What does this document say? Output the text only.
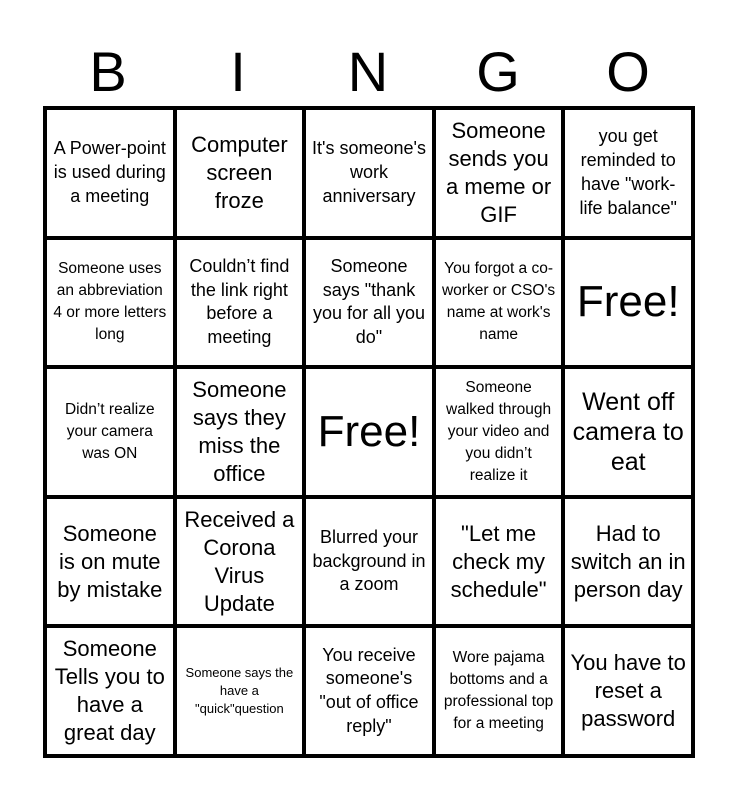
B	I	N	G	O
A Power-point is used during a meeting
Computer screen froze
It's someone's work anniversary
Someone sends you a meme or GIF
you get reminded to have "work-life balance"
Someone uses an abbreviation 4 or more letters long
Couldn’t find the link right before a meeting
Someone says "thank you for all you do"
You forgot a co-worker or CSO's name at work's name
Free!
Didn’t realize your camera was ON
Someone says they miss the office
Free!
Someone walked through your video and you didn’t realize it
Went off camera to eat
Someone is on mute by mistake
Received a Corona Virus Update
Blurred your background in a zoom
"Let me check my schedule"
Had to switch an in person day
Someone Tells you to have a great day
Someone says the have a "quick"question
You receive someone's "out of office reply"
Wore pajama bottoms and a professional top for a meeting
You have to reset a password
